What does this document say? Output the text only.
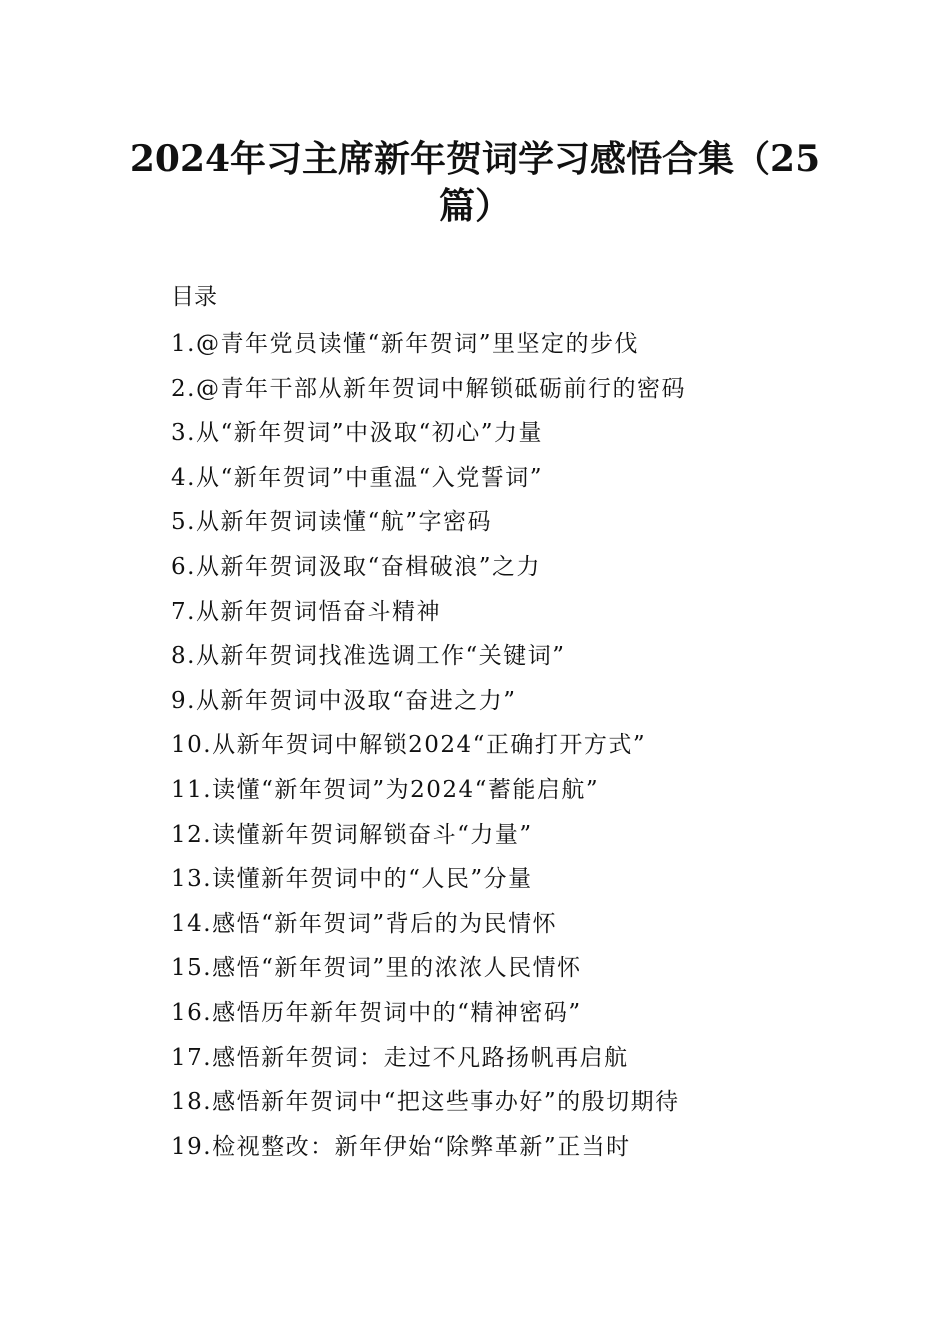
2024年习主席新年贺词学习感悟合集（25篇）
目录
1.@青年党员读懂“新年贺词”里坚定的步伐
2.@青年干部从新年贺词中解锁砥砺前行的密码
3.从“新年贺词”中汲取“初心”力量
4.从“新年贺词”中重温“入党誓词”
5.从新年贺词读懂“航”字密码
6.从新年贺词汲取“奋楫破浪”之力
7.从新年贺词悟奋斗精神
8.从新年贺词找准选调工作“关键词”
9.从新年贺词中汲取“奋进之力”
10.从新年贺词中解锁2024“正确打开方式”
11.读懂“新年贺词”为2024“蓄能启航”
12.读懂新年贺词解锁奋斗“力量”
13.读懂新年贺词中的“人民”分量
14.感悟“新年贺词”背后的为民情怀
15.感悟“新年贺词”里的浓浓人民情怀
16.感悟历年新年贺词中的“精神密码”
17.感悟新年贺词：走过不凡路扬帆再启航
18.感悟新年贺词中“把这些事办好”的殷切期待
19.检视整改：新年伊始“除弊革新”正当时
